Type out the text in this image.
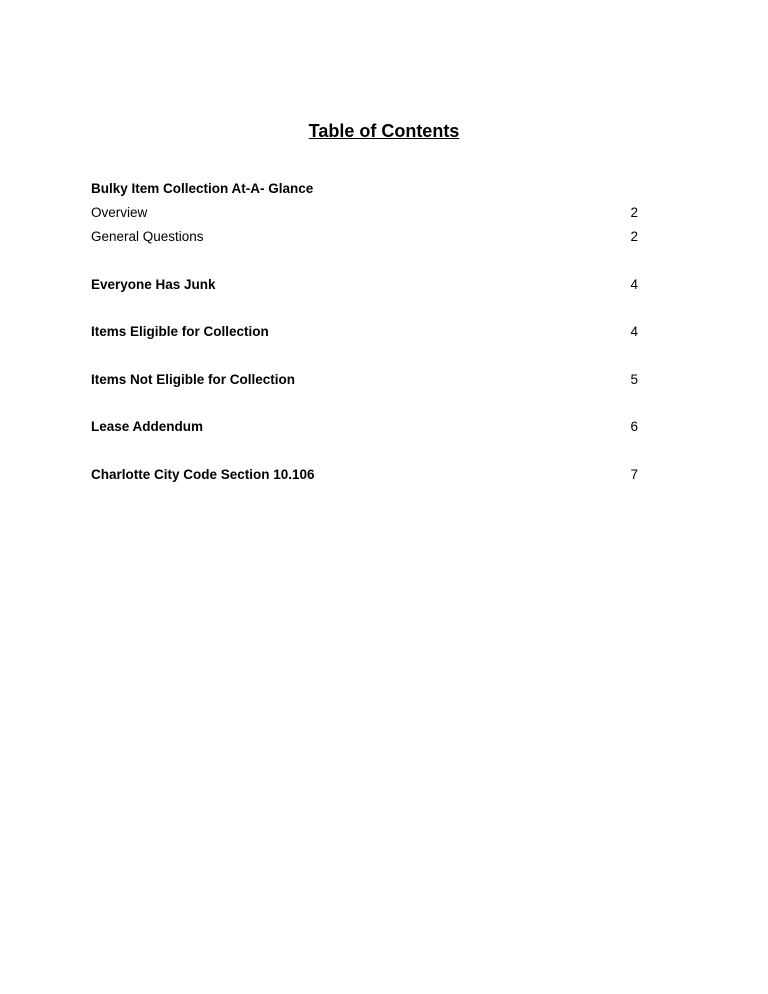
Table of Contents
Bulky Item Collection At-A- Glance
Overview	2
General Questions	2
Everyone Has Junk	4
Items Eligible for Collection	4
Items Not Eligible for Collection	5
Lease Addendum	6
Charlotte City Code Section 10.106	7
